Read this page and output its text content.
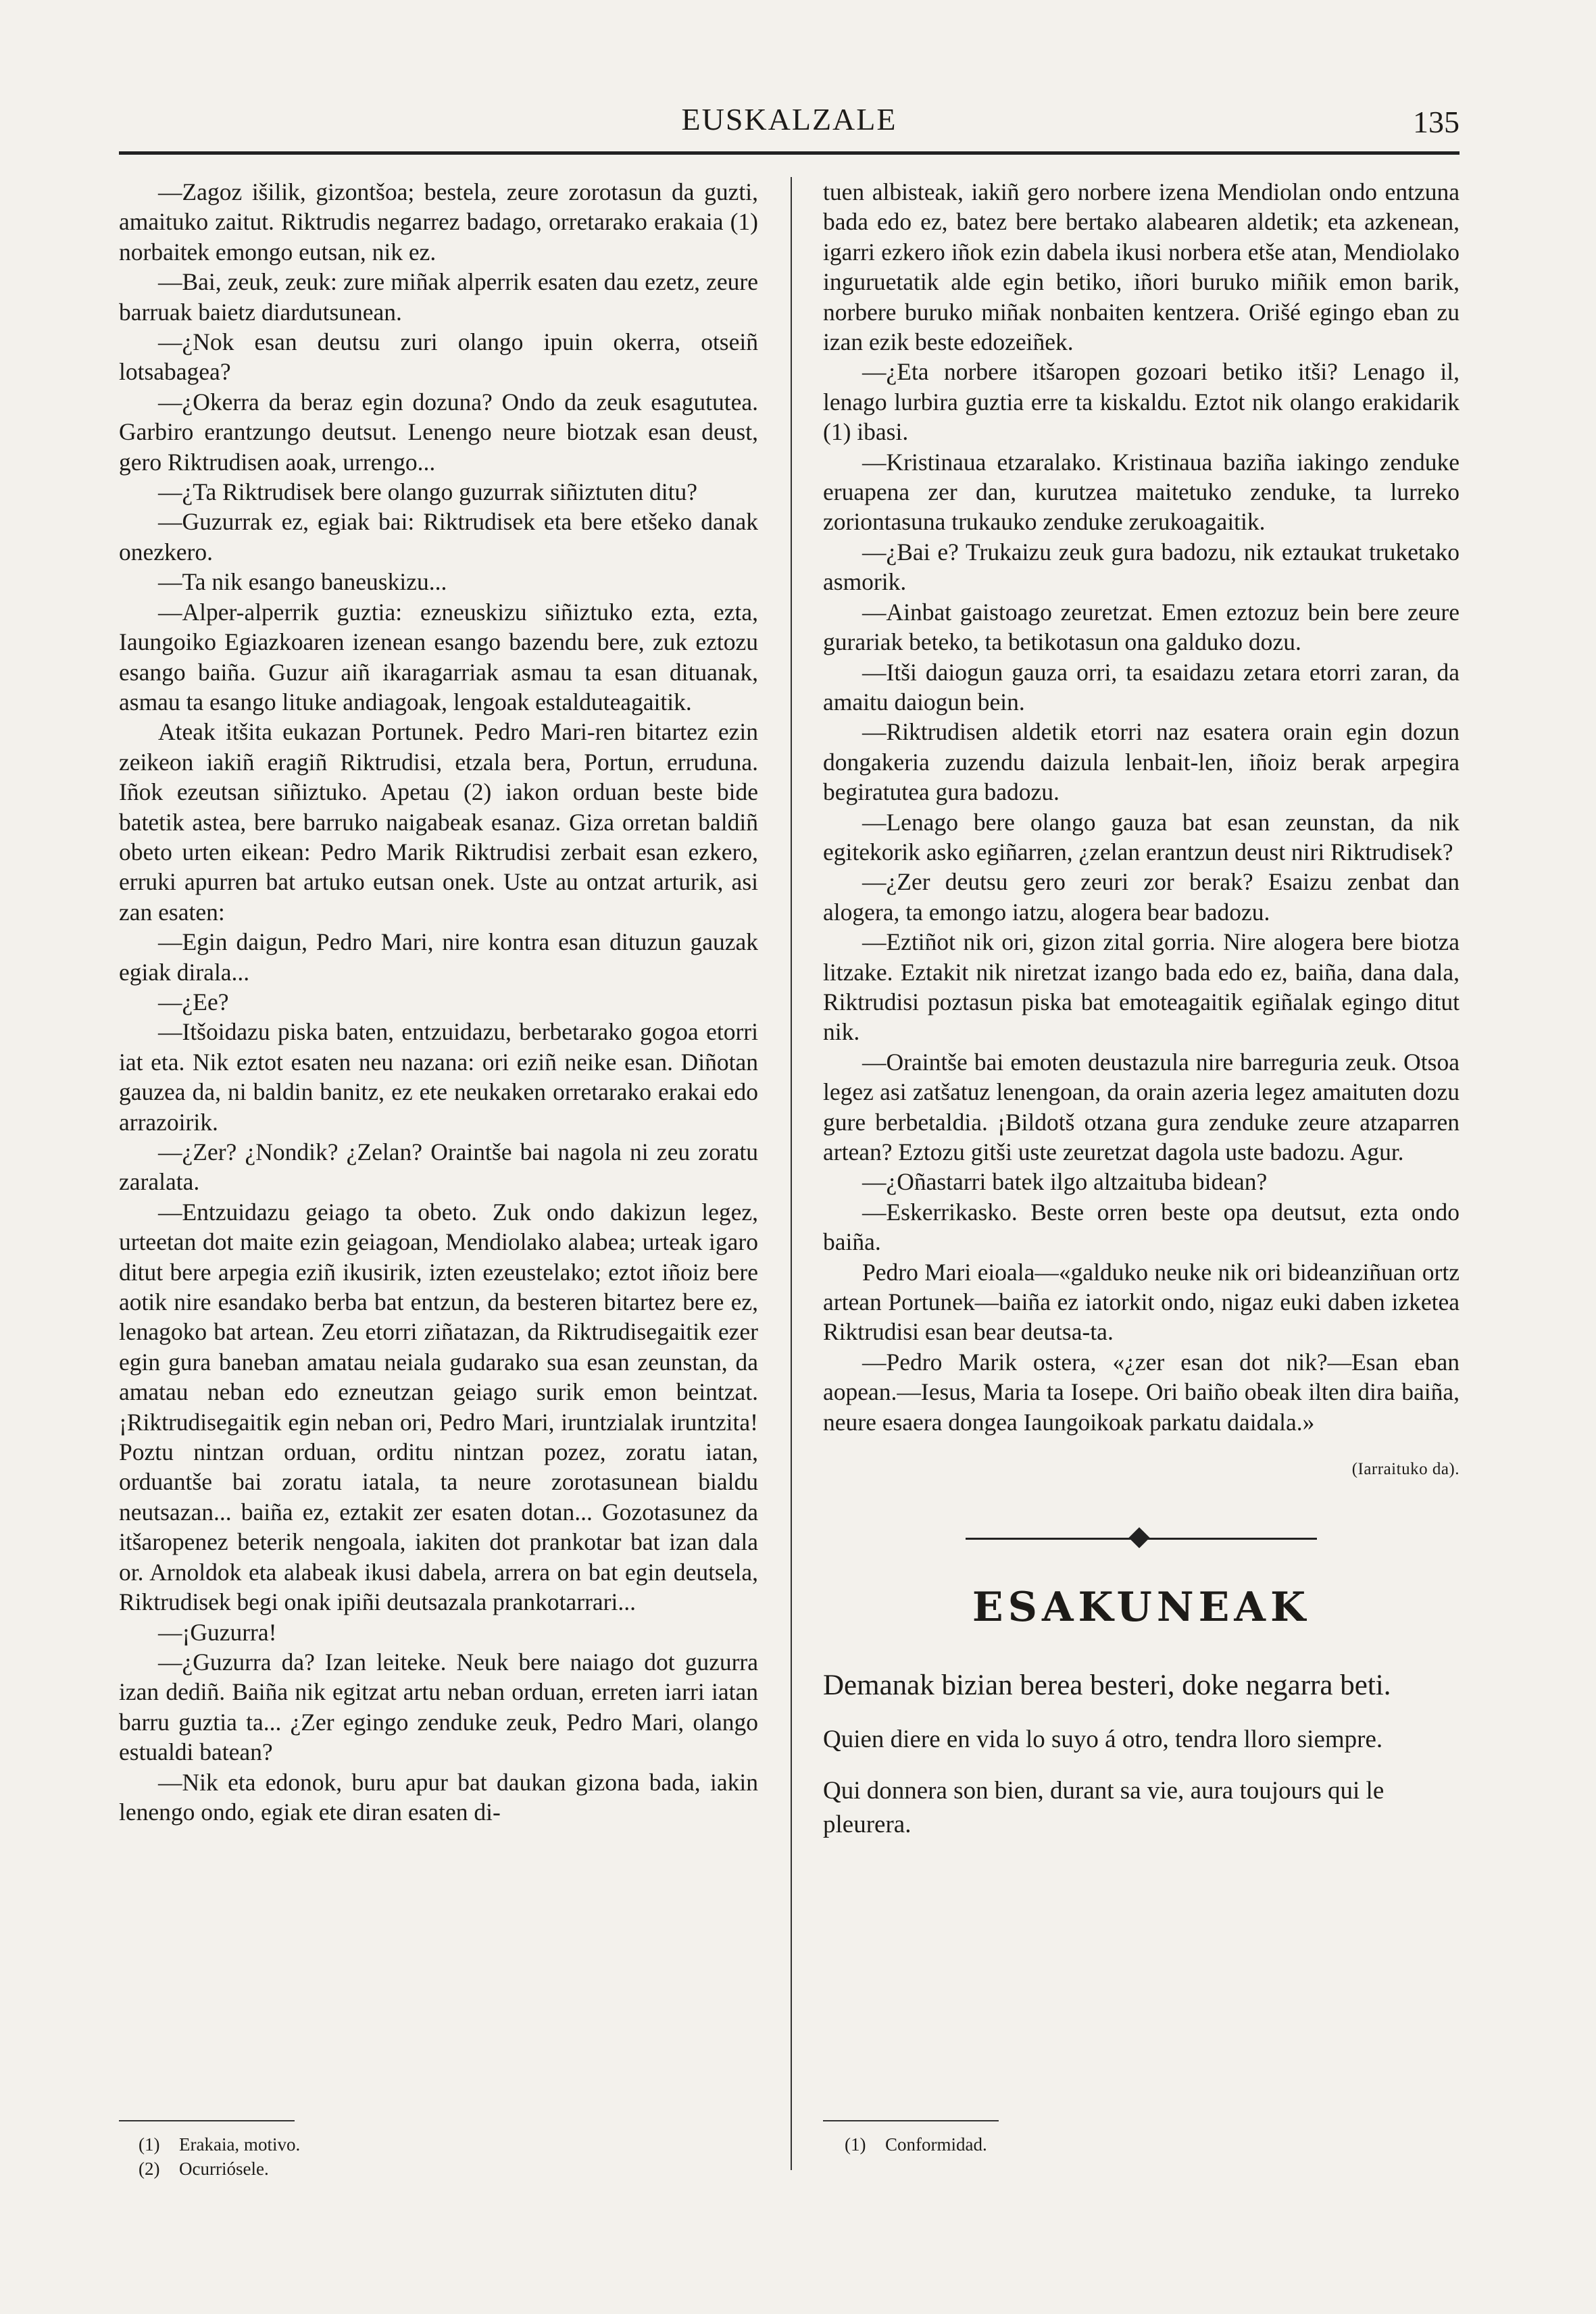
EUSKALZALE	135

—Zagoz išilik, gizontšoa; bestela, zeure zorotasun da guzti, amaituko zaitut. Riktrudis negarrez badago, orretarako erakaia (1) norbaitek emongo eutsan, nik ez.

—Bai, zeuk, zeuk: zure miñak alperrik esaten dau ezetz, zeure barruak baietz diardutsunean.

—¿Nok esan deutsu zuri olango ipuin okerra, otseiñ lotsabagea?

—¿Okerra da beraz egin dozuna? Ondo da zeuk esagututea. Garbiro erantzungo deutsut. Lenengo neure biotzak esan deust, gero Riktrudisen aoak, urrengo...

—¿Ta Riktrudisek bere olango guzurrak siñiztuten ditu?

—Guzurrak ez, egiak bai: Riktrudisek eta bere etšeko danak onezkero.

—Ta nik esango baneuskizu...

—Alper-alperrik guztia: ezneuskizu siñiztuko ezta, ezta, Iaungoiko Egiazkoaren izenean esango bazendu bere, zuk eztozu esango baiña. Guzur aiñ ikaragarriak asmau ta esan dituanak, asmau ta esango lituke andiagoak, lengoak estalduteagaitik.

Ateak itšita eukazan Portunek. Pedro Mari-ren bitartez ezin zeikeon iakiñ eragiñ Riktrudisi, etzala bera, Portun, erruduna. Iñok ezeutsan siñiztuko. Apetau (2) iakon orduan beste bide batetik astea, bere barruko naigabeak esanaz. Giza orretan baldiñ obeto urten eikean: Pedro Marik Riktrudisi zerbait esan ezkero, erruki apurren bat artuko eutsan onek. Uste au ontzat arturik, asi zan esaten:

—Egin daigun, Pedro Mari, nire kontra esan dituzun gauzak egiak dirala...

—¿Ee?

—Itšoidazu piska baten, entzuidazu, berbetarako gogoa etorri iat eta. Nik eztot esaten neu nazana: ori eziñ neike esan. Diñotan gauzea da, ni baldin banitz, ez ete neukaken orretarako erakai edo arrazoirik.

—¿Zer? ¿Nondik? ¿Zelan? Oraintše bai nagola ni zeu zoratu zaralata.

—Entzuidazu geiago ta obeto. Zuk ondo dakizun legez, urteetan dot maite ezin geiagoan, Mendiolako alabea; urteak igaro ditut bere arpegia eziñ ikusirik, izten ezeustelako; eztot iñoiz bere aotik nire esandako berba bat entzun, da besteren bitartez bere ez, lenagoko bat artean. Zeu etorri ziñatazan, da Riktrudisegaitik ezer egin gura baneban amatau neiala gudarako sua esan zeunstan, da amatau neban edo ezneutzan geiago surik emon beintzat. ¡Riktrudisegaitik egin neban ori, Pedro Mari, iruntzialak iruntzita! Poztu nintzan orduan, orditu nintzan pozez, zoratu iatan, orduantše bai zoratu iatala, ta neure zorotasunean bialdu neutsazan... baiña ez, eztakit zer esaten dotan... Gozotasunez da itšaropenez beterik nengoala, iakiten dot prankotar bat izan dala or. Arnoldok eta alabeak ikusi dabela, arrera on bat egin deutsela, Riktrudisek begi onak ipiñi deutsazala prankotarrari...

—¡Guzurra!

—¿Guzurra da? Izan leiteke. Neuk bere naiago dot guzurra izan dediñ. Baiña nik egitzat artu neban orduan, erreten iarri iatan barru guztia ta... ¿Zer egingo zenduke zeuk, Pedro Mari, olango estualdi batean?

—Nik eta edonok, buru apur bat daukan gizona bada, iakin lenengo ondo, egiak ete diran esaten di-

tuen albisteak, iakiñ gero norbere izena Mendiolan ondo entzuna bada edo ez, batez bere bertako alabearen aldetik; eta azkenean, igarri ezkero iñok ezin dabela ikusi norbera etše atan, Mendiolako inguruetatik alde egin betiko, iñori buruko miñik emon barik, norbere buruko miñak nonbaiten kentzera. Orišé egingo eban zu izan ezik beste edozeiñek.

—¿Eta norbere itšaropen gozoari betiko itši? Lenago il, lenago lurbira guztia erre ta kiskaldu. Eztot nik olango erakidarik (1) ibasi.

—Kristinaua etzaralako. Kristinaua baziña iakingo zenduke eruapena zer dan, kurutzea maitetuko zenduke, ta lurreko zoriontasuna trukauko zenduke zerukoagaitik.

—¿Bai e? Trukaizu zeuk gura badozu, nik eztaukat truketako asmorik.

—Ainbat gaistoago zeuretzat. Emen eztozuz bein bere zeure gurariak beteko, ta betikotasun ona galduko dozu.

—Itši daiogun gauza orri, ta esaidazu zetara etorri zaran, da amaitu daiogun bein.

—Riktrudisen aldetik etorri naz esatera orain egin dozun dongakeria zuzendu daizula lenbait-len, iñoiz berak arpegira begiratutea gura badozu.

—Lenago bere olango gauza bat esan zeunstan, da nik egitekorik asko egiñarren, ¿zelan erantzun deust niri Riktrudisek?

—¿Zer deutsu gero zeuri zor berak? Esaizu zenbat dan alogera, ta emongo iatzu, alogera bear badozu.

—Eztiñot nik ori, gizon zital gorria. Nire alogera bere biotza litzake. Eztakit nik niretzat izango bada edo ez, baiña, dana dala, Riktrudisi poztasun piska bat emoteagaitik egiñalak egingo ditut nik.

—Oraintše bai emoten deustazula nire barreguria zeuk. Otsoa legez asi zatšatuz lenengoan, da orain azeria legez amaituten dozu gure berbetaldia. ¡Bildotš otzana gura zenduke zeure atzaparren artean? Eztozu gitši uste zeuretzat dagola uste badozu. Agur.

—¿Oñastarri batek ilgo altzaituba bidean?

—Eskerrikasko. Beste orren beste opa deutsut, ezta ondo baiña.

Pedro Mari eioala—«galduko neuke nik ori bideanziñuan ortz artean Portunek—baiña ez iatorkit ondo, nigaz euki daben izketea Riktrudisi esan bear deutsa-ta.

—Pedro Marik ostera, «¿zer esan dot nik?—Esan eban aopean.—Iesus, Maria ta Iosepe. Ori baiño obeak ilten dira baiña, neure esaera dongea Iaungoikoak parkatu daidala.»

(Iarraituko da).
ESAKUNEAK
Demanak bizian berea besteri, doke negarra beti.
Quien diere en vida lo suyo á otro, tendra lloro siempre.
Qui donnera son bien, durant sa vie, aura toujours qui le pleurera.
(1) Erakaia, motivo.
(2) Ocurriósele.
(1) Conformidad.
